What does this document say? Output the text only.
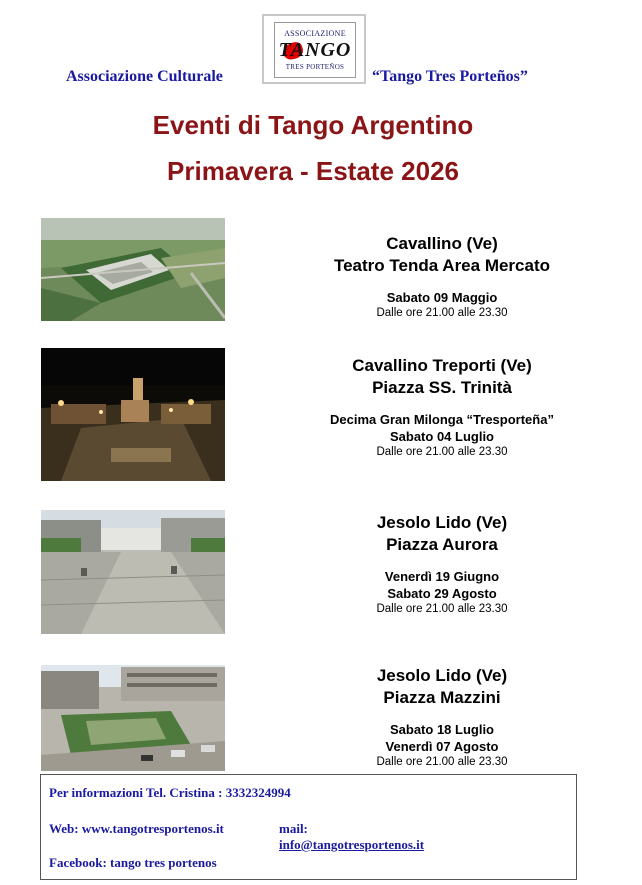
ASSOCIAZIONE
TANGO
TRES PORTEÑOS
Associazione Culturale	“Tango Tres Porteños”
Eventi di Tango Argentino
Primavera - Estate 2026
Cavallino (Ve)
Teatro Tenda Area Mercato
Sabato 09 Maggio
Dalle ore 21.00 alle 23.30
Cavallino Treporti (Ve)
Piazza SS. Trinità
Decima Gran Milonga “Tresporteña”
Sabato 04 Luglio
Dalle ore 21.00 alle 23.30
Jesolo Lido (Ve)
Piazza Aurora
Venerdì 19 Giugno
Sabato 29 Agosto
Dalle ore 21.00 alle 23.30
Jesolo Lido (Ve)
Piazza Mazzini
Sabato 18 Luglio
Venerdì 07 Agosto
Dalle ore 21.00 alle 23.30
Per informazioni Tel. Cristina : 3332324994
Web: www.tangotresportenos.it	mail: info@tangotresportenos.it
Facebook: tango tres portenos
